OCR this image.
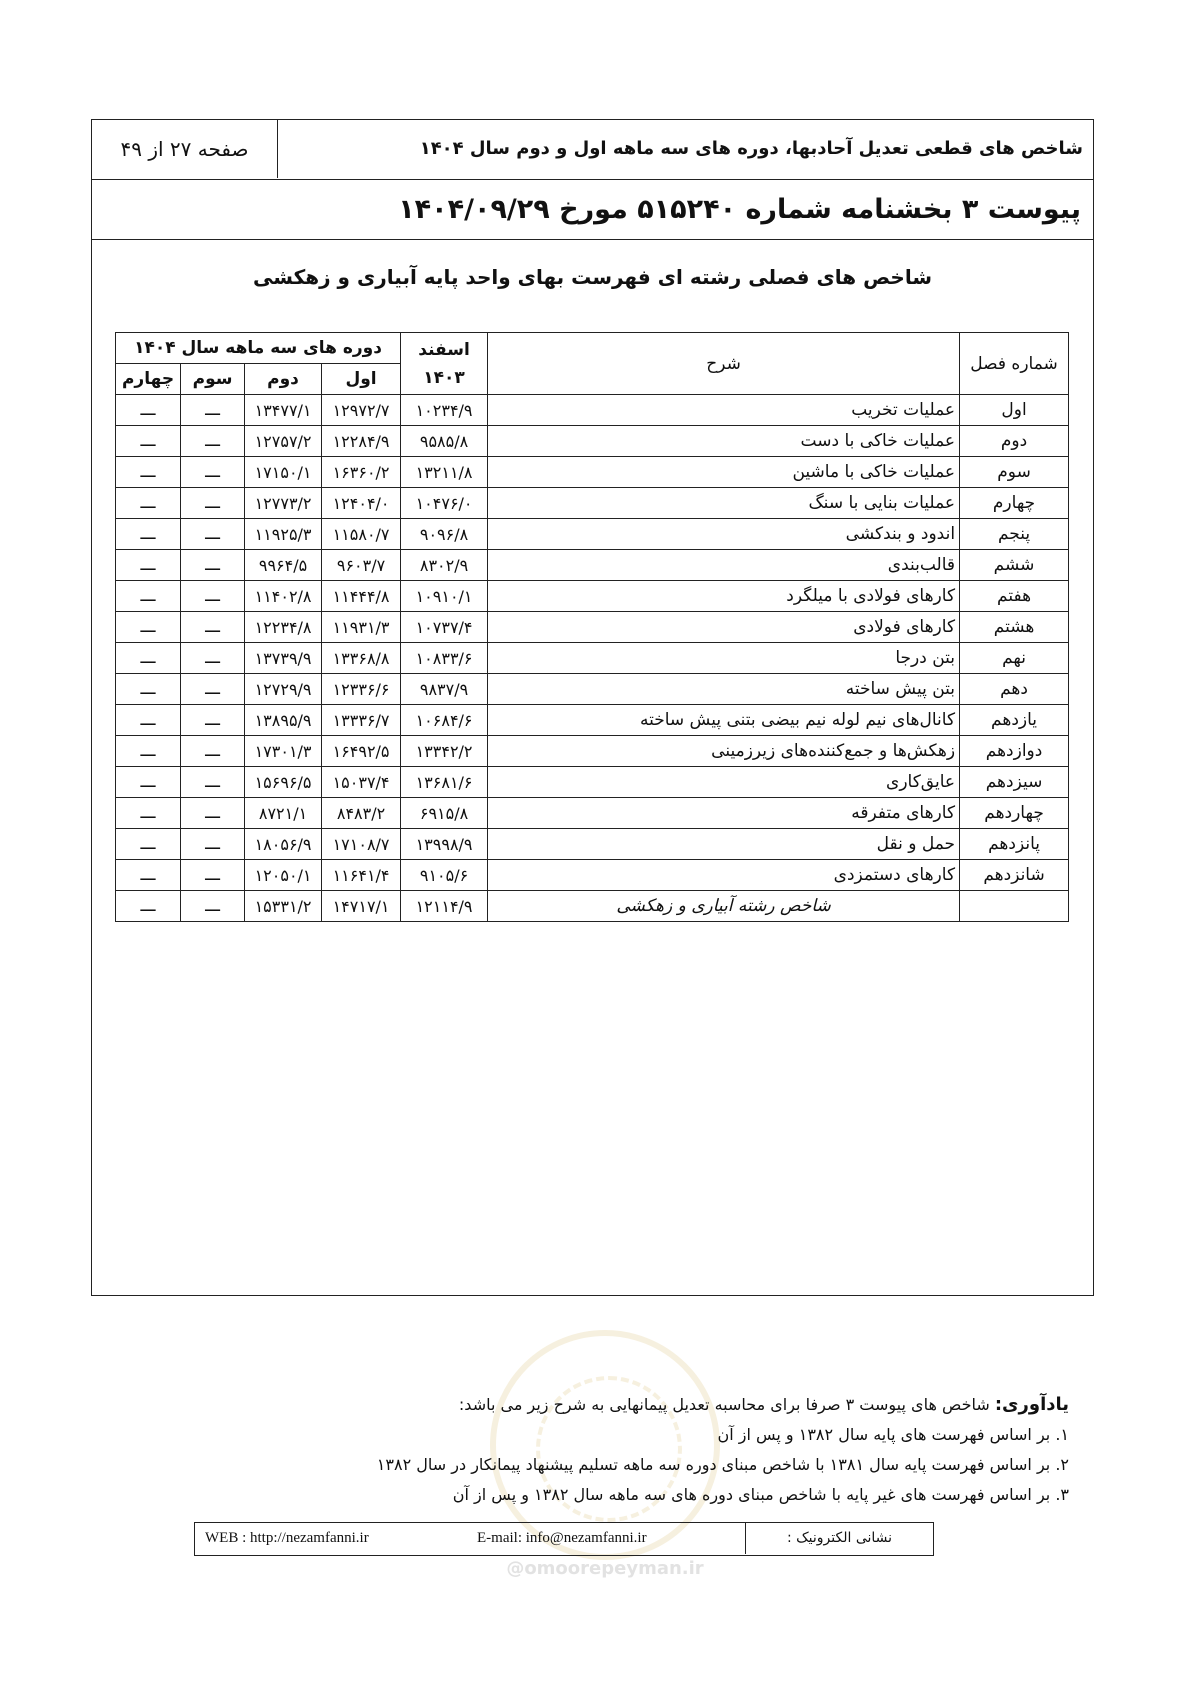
شاخص های قطعی تعدیل آحادبها، دوره های سه ماهه اول و دوم سال ۱۴۰۴
صفحه ۲۷ از ۴۹
پیوست ۳ بخشنامه شماره ۵۱۵۲۴۰ مورخ ۱۴۰۴/۰۹/۲۹
شاخص های فصلی رشته ای فهرست بهای واحد پایه آبیاری و زهکشی
شماره فصل	شرح	اسفند ۱۴۰۳	دوره های سه ماهه سال ۱۴۰۴			
			اول	دوم	سوم	چهارم
اول	عملیات تخریب	۱۰۲۳۴/۹	۱۲۹۷۲/۷	۱۳۴۷۷/۱	ـــ	ـــ
دوم	عملیات خاکی با دست	۹۵۸۵/۸	۱۲۲۸۴/۹	۱۲۷۵۷/۲	ـــ	ـــ
سوم	عملیات خاکی با ماشین	۱۳۲۱۱/۸	۱۶۳۶۰/۲	۱۷۱۵۰/۱	ـــ	ـــ
چهارم	عملیات بنایی با سنگ	۱۰۴۷۶/۰	۱۲۴۰۴/۰	۱۲۷۷۳/۲	ـــ	ـــ
پنجم	اندود و بندکشی	۹۰۹۶/۸	۱۱۵۸۰/۷	۱۱۹۲۵/۳	ـــ	ـــ
ششم	قالب‌بندی	۸۳۰۲/۹	۹۶۰۳/۷	۹۹۶۴/۵	ـــ	ـــ
هفتم	کارهای فولادی با میلگرد	۱۰۹۱۰/۱	۱۱۴۴۴/۸	۱۱۴۰۲/۸	ـــ	ـــ
هشتم	کارهای فولادی	۱۰۷۳۷/۴	۱۱۹۳۱/۳	۱۲۲۳۴/۸	ـــ	ـــ
نهم	بتن درجا	۱۰۸۳۳/۶	۱۳۳۶۸/۸	۱۳۷۳۹/۹	ـــ	ـــ
دهم	بتن پیش ساخته	۹۸۳۷/۹	۱۲۳۳۶/۶	۱۲۷۲۹/۹	ـــ	ـــ
یازدهم	کانال‌های نیم لوله نیم بیضی بتنی پیش ساخته	۱۰۶۸۴/۶	۱۳۳۳۶/۷	۱۳۸۹۵/۹	ـــ	ـــ
دوازدهم	زهکش‌ها و جمع‌کننده‌های زیرزمینی	۱۳۳۴۲/۲	۱۶۴۹۲/۵	۱۷۳۰۱/۳	ـــ	ـــ
سیزدهم	عایق‌کاری	۱۳۶۸۱/۶	۱۵۰۳۷/۴	۱۵۶۹۶/۵	ـــ	ـــ
چهاردهم	کارهای متفرقه	۶۹۱۵/۸	۸۴۸۳/۲	۸۷۲۱/۱	ـــ	ـــ
پانزدهم	حمل و نقل	۱۳۹۹۸/۹	۱۷۱۰۸/۷	۱۸۰۵۶/۹	ـــ	ـــ
شانزدهم	کارهای دستمزدی	۹۱۰۵/۶	۱۱۶۴۱/۴	۱۲۰۵۰/۱	ـــ	ـــ
	شاخص رشته آبیاری و زهکشی	۱۲۱۱۴/۹	۱۴۷۱۷/۱	۱۵۳۳۱/۲	ـــ	ـــ
@omoorepeyman.ir
یادآوری: شاخص های پیوست ۳ صرفا برای محاسبه تعدیل پیمانهایی به شرح زیر می باشد:
۱. بر اساس فهرست های پایه سال ۱۳۸۲ و پس از آن
۲. بر اساس فهرست پایه سال ۱۳۸۱ با شاخص مبنای دوره سه ماهه تسلیم پیشنهاد پیمانکار در سال ۱۳۸۲
۳. بر اساس فهرست های غیر پایه با شاخص مبنای دوره های سه ماهه سال ۱۳۸۲ و پس از آن
نشانی الکترونیک :
E-mail: info@nezamfanni.ir
WEB : http://nezamfanni.ir
